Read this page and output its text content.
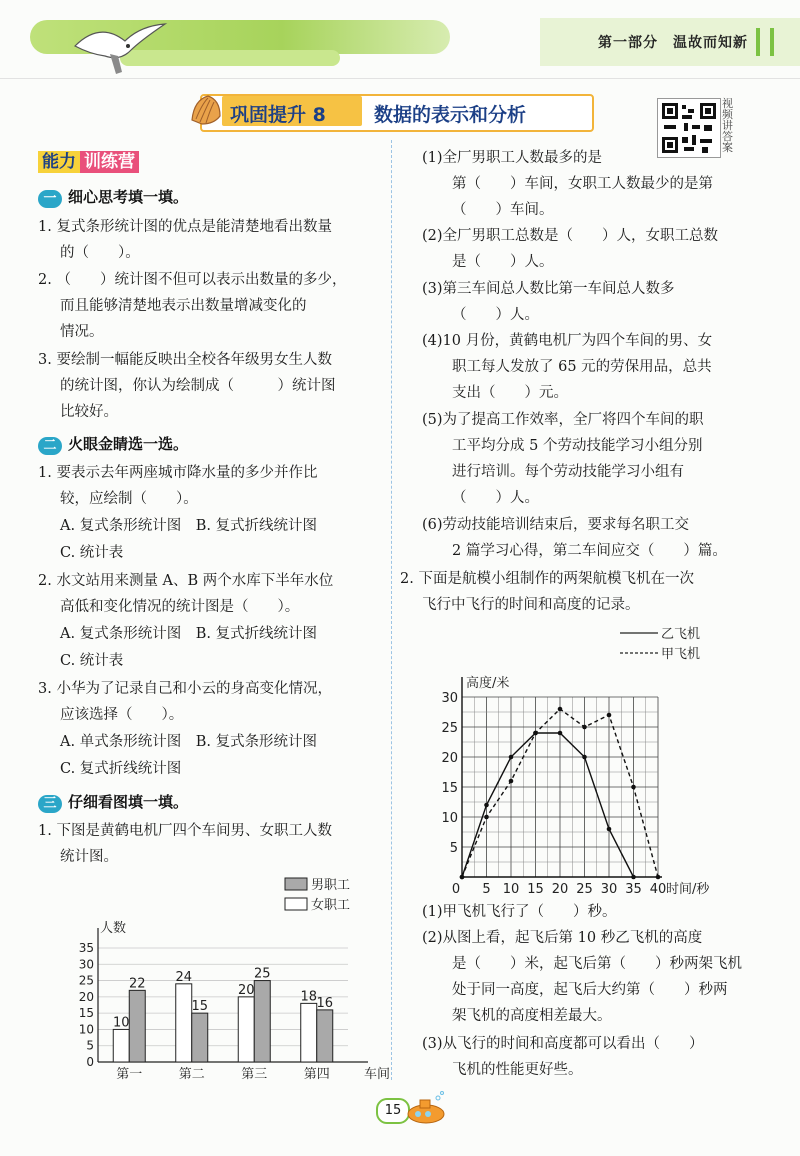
第一部分　温故而知新
巩固提升 8	数据的表示和分析
视频讲答案
能力 训练营
一 细心思考填一填。
1. 复式条形统计图的优点是能清楚地看出数量
的（　　）。
2. （　　）统计图不但可以表示出数量的多少，
而且能够清楚地表示出数量增减变化的
情况。
3. 要绘制一幅能反映出全校各年级男女生人数
的统计图，你认为绘制成（　　　）统计图
比较好。
二 火眼金睛选一选。
1. 要表示去年两座城市降水量的多少并作比
较，应绘制（　　）。
A. 复式条形统计图　B. 复式折线统计图
C. 统计表
2. 水文站用来测量 A、B 两个水库下半年水位
高低和变化情况的统计图是（　　）。
A. 复式条形统计图　B. 复式折线统计图
C. 统计表
3. 小华为了记录自己和小云的身高变化情况，
应该选择（　　）。
A. 单式条形统计图　B. 复式条形统计图
C. 复式折线统计图
三 仔细看图填一填。
1. 下图是黄鹤电机厂四个车间男、女职工人数
统计图。
0
5
10
15
20
25
30
35
人数
车间
男职工
女职工
10
22
第一
24
15
第二
20
25
第三
18 16
第四
(1)全厂男职工人数最多的是
第（　　）车间，女职工人数最少的是第
（　　）车间。
(2)全厂男职工总数是（　　）人，女职工总数
是（　　）人。
(3)第三车间总人数比第一车间总人数多
（　　）人。
(4)10 月份，黄鹤电机厂为四个车间的男、女
职工每人发放了 65 元的劳保用品，总共
支出（　　）元。
(5)为了提高工作效率，全厂将四个车间的职
工平均分成 5 个劳动技能学习小组分别
进行培训。每个劳动技能学习小组有
（　　）人。
(6)劳动技能培训结束后，要求每名职工交
2 篇学习心得，第二车间应交（　　）篇。
2. 下面是航模小组制作的两架航模飞机在一次
飞行中飞行的时间和高度的记录。
高度/米
5
10
15
20
25
30
0 5 10 15 20 25 30 35 40 时间/秒
乙飞机
甲飞机
(1)甲飞机飞行了（　　）秒。
(2)从图上看，起飞后第 10 秒乙飞机的高度
是（　　）米，起飞后第（　　）秒两架飞机
处于同一高度，起飞后大约第（　　）秒两
架飞机的高度相差最大。
(3)从飞行的时间和高度都可以看出（　　）
飞机的性能更好些。
15
